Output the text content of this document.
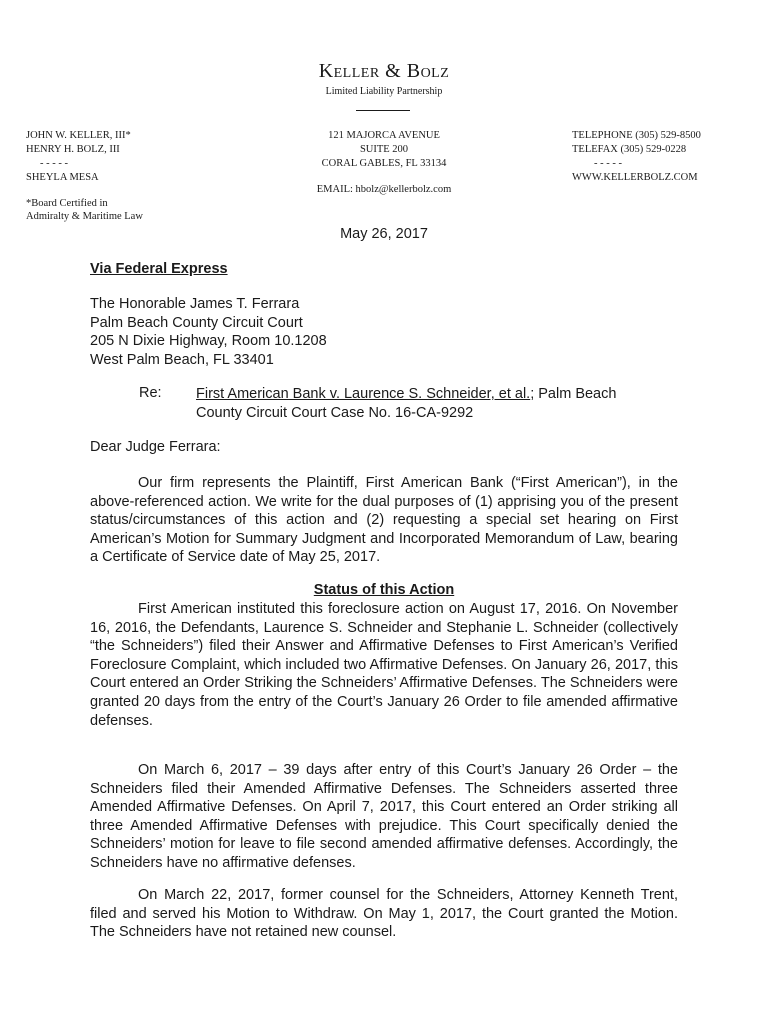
Keller & Bolz
Limited Liability Partnership
JOHN W. KELLER, III*
HENRY H. BOLZ, III
- - - - -
SHEYLA MESA
121 MAJORCA AVENUE
SUITE 200
CORAL GABLES, FL 33134
EMAIL: hbolz@kellerbolz.com
TELEPHONE (305) 529-8500
TELEFAX (305) 529-0228
- - - - -
WWW.KELLERBOLZ.COM
*Board Certified in
Admiralty & Maritime Law
May 26, 2017
Via Federal Express
The Honorable James T. Ferrara
Palm Beach County Circuit Court
205 N Dixie Highway, Room 10.1208
West Palm Beach, FL 33401
Re: First American Bank v. Laurence S. Schneider, et al.; Palm Beach County Circuit Court Case No. 16-CA-9292
Dear Judge Ferrara:

Our firm represents the Plaintiff, First American Bank (“First American”), in the above-referenced action. We write for the dual purposes of (1) apprising you of the present status/circumstances of this action and (2) requesting a special set hearing on First American’s Motion for Summary Judgment and Incorporated Memorandum of Law, bearing a Certificate of Service date of May 25, 2017.

Status of this Action

First American instituted this foreclosure action on August 17, 2016. On November 16, 2016, the Defendants, Laurence S. Schneider and Stephanie L. Schneider (collectively “the Schneiders”) filed their Answer and Affirmative Defenses to First American’s Verified Foreclosure Complaint, which included two Affirmative Defenses. On January 26, 2017, this Court entered an Order Striking the Schneiders’ Affirmative Defenses. The Schneiders were granted 20 days from the entry of the Court’s January 26 Order to file amended affirmative defenses.

On March 6, 2017 – 39 days after entry of this Court’s January 26 Order – the Schneiders filed their Amended Affirmative Defenses. The Schneiders asserted three Amended Affirmative Defenses. On April 7, 2017, this Court entered an Order striking all three Amended Affirmative Defenses with prejudice. This Court specifically denied the Schneiders’ motion for leave to file second amended affirmative defenses. Accordingly, the Schneiders have no affirmative defenses.

On March 22, 2017, former counsel for the Schneiders, Attorney Kenneth Trent, filed and served his Motion to Withdraw. On May 1, 2017, the Court granted the Motion. The Schneiders have not retained new counsel.
